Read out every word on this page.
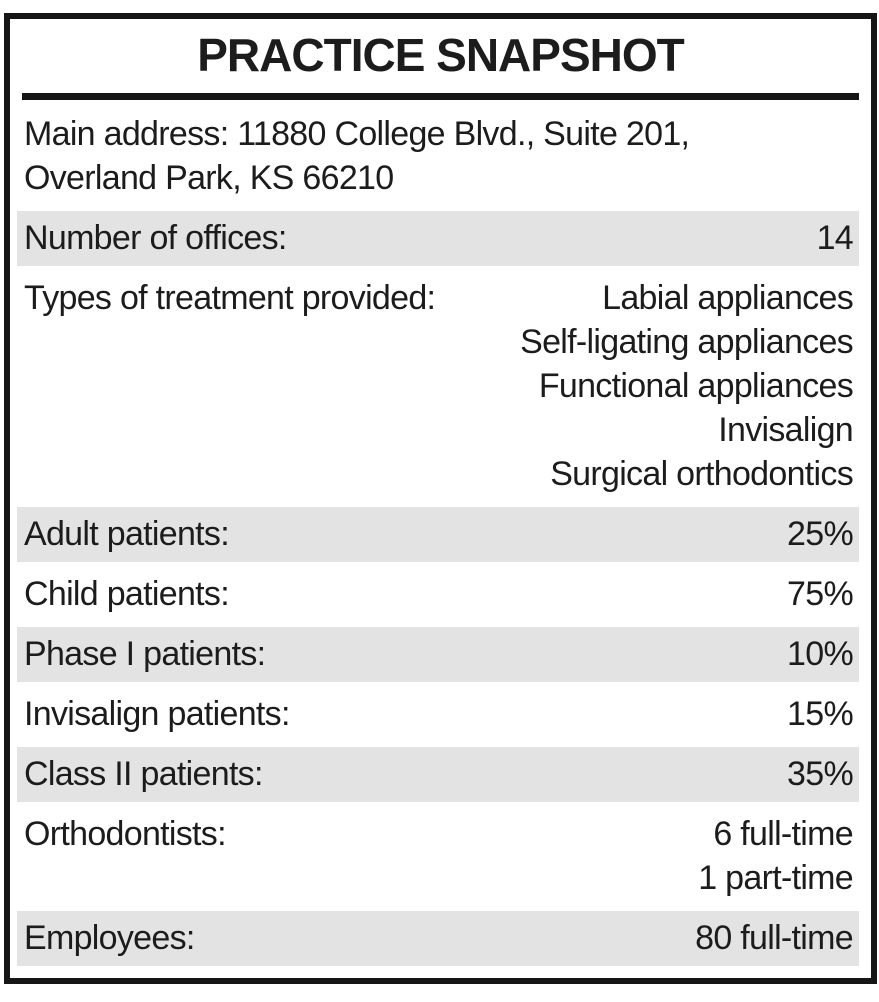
PRACTICE SNAPSHOT
Main address: 11880 College Blvd., Suite 201,
Overland Park, KS 66210
Number of offices:	14
Types of treatment provided:	Labial appliances
Self-ligating appliances
Functional appliances
Invisalign
Surgical orthodontics
Adult patients:	25%
Child patients:	75%
Phase I patients:	10%
Invisalign patients:	15%
Class II patients:	35%
Orthodontists:	6 full-time
1 part-time
Employees:	80 full-time
